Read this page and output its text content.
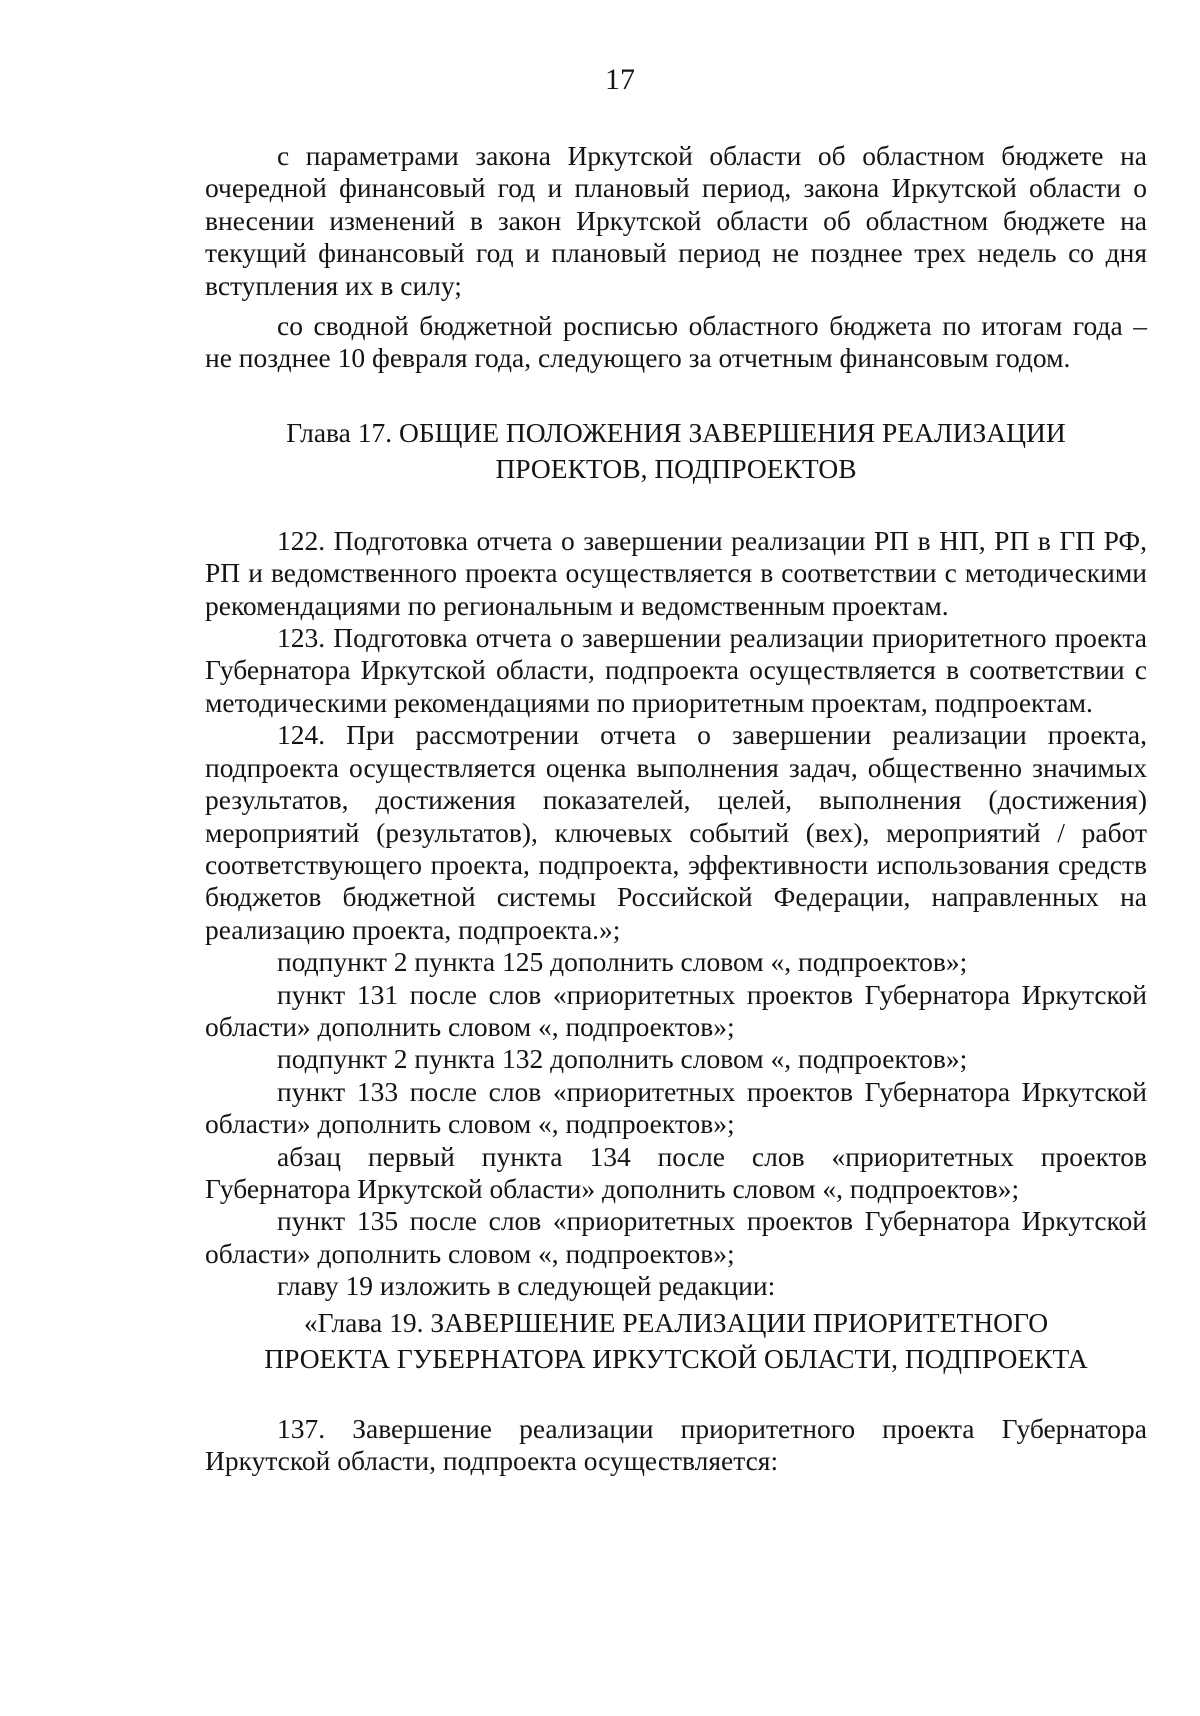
17

с параметрами закона Иркутской области об областном бюджете на очередной финансовый год и плановый период, закона Иркутской области о внесении изменений в закон Иркутской области об областном бюджете на текущий финансовый год и плановый период не позднее трех недель со дня вступления их в силу;

со сводной бюджетной росписью областного бюджета по итогам года – не позднее 10 февраля года, следующего за отчетным финансовым годом.

Глава 17. ОБЩИЕ ПОЛОЖЕНИЯ ЗАВЕРШЕНИЯ РЕАЛИЗАЦИИ
ПРОЕКТОВ, ПОДПРОЕКТОВ

122. Подготовка отчета о завершении реализации РП в НП, РП в ГП РФ, РП и ведомственного проекта осуществляется в соответствии с методическими рекомендациями по региональным и ведомственным проектам.

123. Подготовка отчета о завершении реализации приоритетного проекта Губернатора Иркутской области, подпроекта осуществляется в соответствии с методическими рекомендациями по приоритетным проектам, подпроектам.

124. При рассмотрении отчета о завершении реализации проекта, подпроекта осуществляется оценка выполнения задач, общественно значимых результатов, достижения показателей, целей, выполнения (достижения) мероприятий (результатов), ключевых событий (вех), мероприятий / работ соответствующего проекта, подпроекта, эффективности использования средств бюджетов бюджетной системы Российской Федерации, направленных на реализацию проекта, подпроекта.»;

подпункт 2 пункта 125 дополнить словом «, подпроектов»;

пункт 131 после слов «приоритетных проектов Губернатора Иркутской области» дополнить словом «, подпроектов»;

подпункт 2 пункта 132 дополнить словом «, подпроектов»;

пункт 133 после слов «приоритетных проектов Губернатора Иркутской области» дополнить словом «, подпроектов»;

абзац первый пункта 134 после слов «приоритетных проектов Губернатора Иркутской области» дополнить словом «, подпроектов»;

пункт 135 после слов «приоритетных проектов Губернатора Иркутской области» дополнить словом «, подпроектов»;

главу 19 изложить в следующей редакции:

«Глава 19. ЗАВЕРШЕНИЕ РЕАЛИЗАЦИИ ПРИОРИТЕТНОГО
ПРОЕКТА ГУБЕРНАТОРА ИРКУТСКОЙ ОБЛАСТИ, ПОДПРОЕКТА

137. Завершение реализации приоритетного проекта Губернатора Иркутской области, подпроекта осуществляется:
